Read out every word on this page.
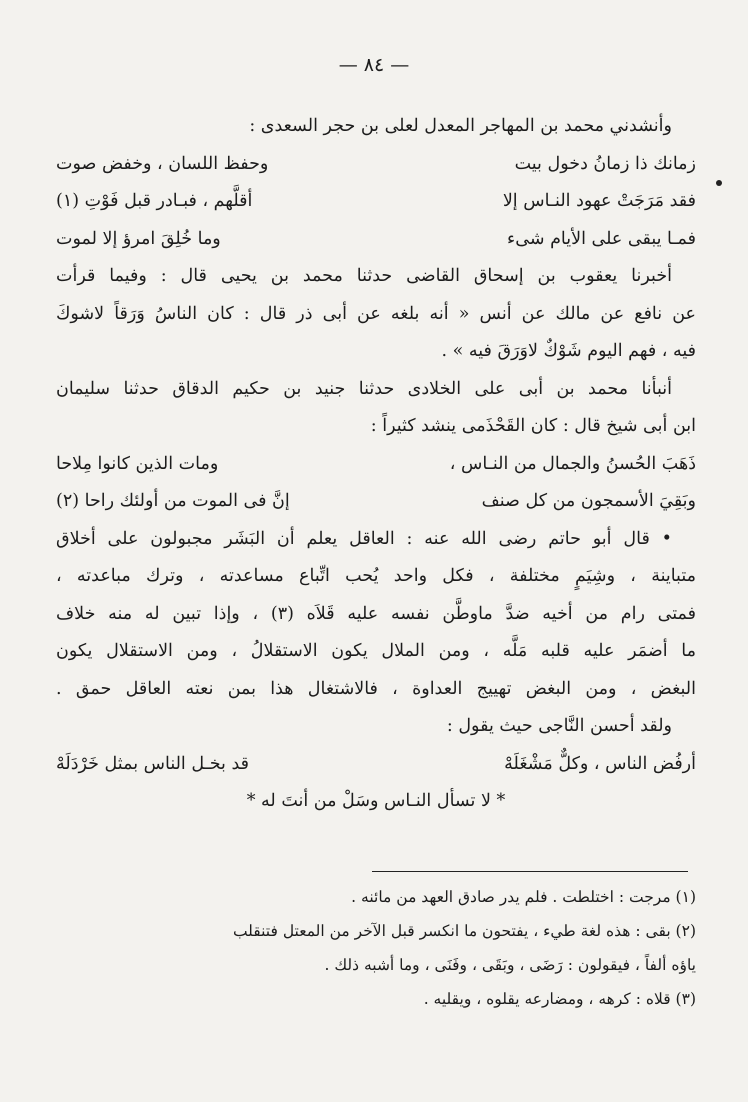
— ٨٤ —
وأنشدني محمد بن المهاجر المعدل لعلى بن حجر السعدى :
زمانك ذا زمانُ دخول بيت
وحفظ اللسان ، وخفض صوت
فقد مَرَجَتْ عهود النـاس إلا
أقلَّهم ، فبـادر قبل فَوْتِ (١)
فمـا يبقى على الأيام شىء
وما خُلِقَ امرؤ إلا لموت
أخبرنا يعقوب بن إسحاق القاضى حدثنا محمد بن يحيى قال : وفيما قرأت
عن نافع عن مالك عن أنس « أنه بلغه عن أبى ذر قال : كان الناسُ وَرَقاً لاشوكَ
فيه ، فهم اليوم شَوْكٌ لاوَرَقَ فيه » .
أنبأنا محمد بن أبى على الخلادى حدثنا جنيد بن حكيم الدقاق حدثنا سليمان
ابن أبى شيخ قال : كان القَحْذَمى ينشد كثيراً :
ذَهَبَ الحُسنُ والجمال من النـاس ،
ومات الذين كانوا مِلاحا
وبَقِيَ الأسمجون من كل صنف
إنَّ فى الموت من أولئك راحا (٢)
• قال أبو حاتم رضى الله عنه : العاقل يعلم أن البَشَر مجبولون على أخلاق
متباينة ، وشِيَمٍ مختلفة ، فكل واحد يُحب اتِّباع مساعدته ، وترك مباعدته ،
فمتى رام من أخيه ضدَّ ماوطَّن نفسه عليه قَلاَه (٣) ، وإذا تبين له منه خلاف
ما أضمَر عليه قلبه مَلَّه ، ومن الملال يكون الاستقلالُ ، ومن الاستقلال يكون
البغض ، ومن البغض تهييج العداوة ، فالاشتغال هذا بمن نعته العاقل حمق .
ولقد أحسن النَّاجى حيث يقول :
أرفُض الناس ، وكلٌّ مَشْغَلَهْ
قد بخـل الناس بمثل خَرْدَلَهْ
* لا تسأل النـاس وسَلْ من أنتَ له *
(١) مرجت : اختلطت . فلم يدر صادق العهد من مائنه .
(٢) بقى : هذه لغة طيء ، يفتحون ما انكسر قبل الآخر من المعتل فتنقلب
ياؤه ألفاً ، فيقولون : رَضَى ، وبَقَى ، وفَنَى ، وما أشبه ذلك .
(٣) قلاه : كرهه ، ومضارعه يقلوه ، ويقليه .
